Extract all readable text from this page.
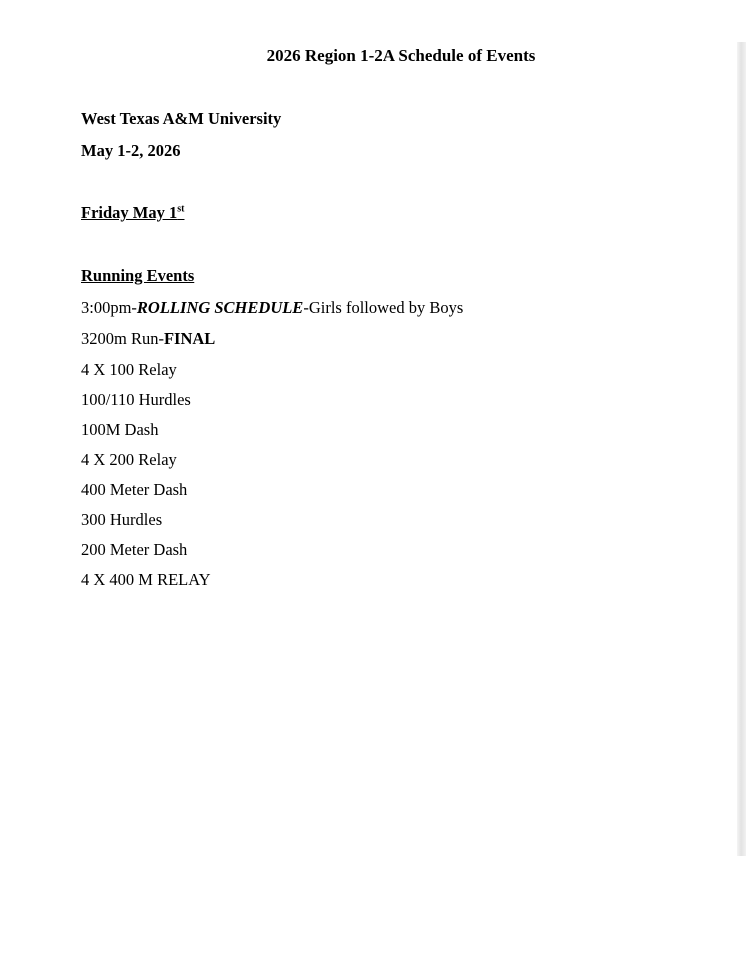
2026 Region 1-2A Schedule of Events
West Texas A&M University
May 1-2, 2026
Friday May 1st
Running Events
3:00pm-ROLLING SCHEDULE-Girls followed by Boys
3200m Run-FINAL
4 X 100 Relay
100/110 Hurdles
100M Dash
4 X 200 Relay
400 Meter Dash
300 Hurdles
200 Meter Dash
4 X 400 M RELAY
